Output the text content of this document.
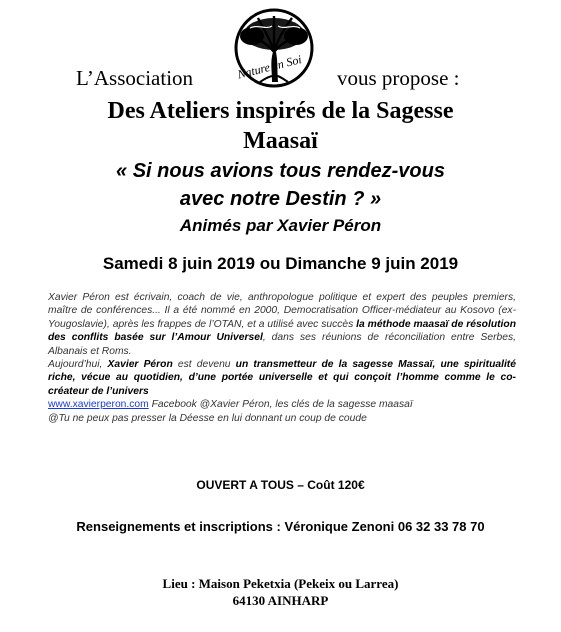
L’Association	Nature en Soi vous propose :
Des Ateliers inspirés de la Sagesse
Maasaï
« Si nous avions tous rendez-vous
avec notre Destin ? »
Animés par Xavier Péron
Samedi 8 juin 2019 ou Dimanche 9 juin 2019
Xavier Péron est écrivain, coach de vie, anthropologue politique et expert des peuples premiers, maître de conférences... Il a été nommé en 2000, Democratisation Officer-médiateur au Kosovo (ex-Yougoslavie), après les frappes de l’OTAN, et a utilisé avec succès la méthode maasaï de résolution des conflits basée sur l’Amour Universel, dans ses réunions de réconciliation entre Serbes, Albanais et Roms.
Aujourd’hui, Xavier Péron est devenu un transmetteur de la sagesse Massaï, une spiritualité riche, vécue au quotidien, d’une portée universelle et qui conçoit l’homme comme le co-créateur de l’univers
www.xavierperon.com Facebook @Xavier Péron, les clés de la sagesse maasaï
@Tu ne peux pas presser la Déesse en lui donnant un coup de coude
OUVERT A TOUS – Coût 120€
Renseignements et inscriptions : Véronique Zenoni 06 32 33 78 70
Lieu : Maison Peketxia (Pekeix ou Larrea)
64130 AINHARP
